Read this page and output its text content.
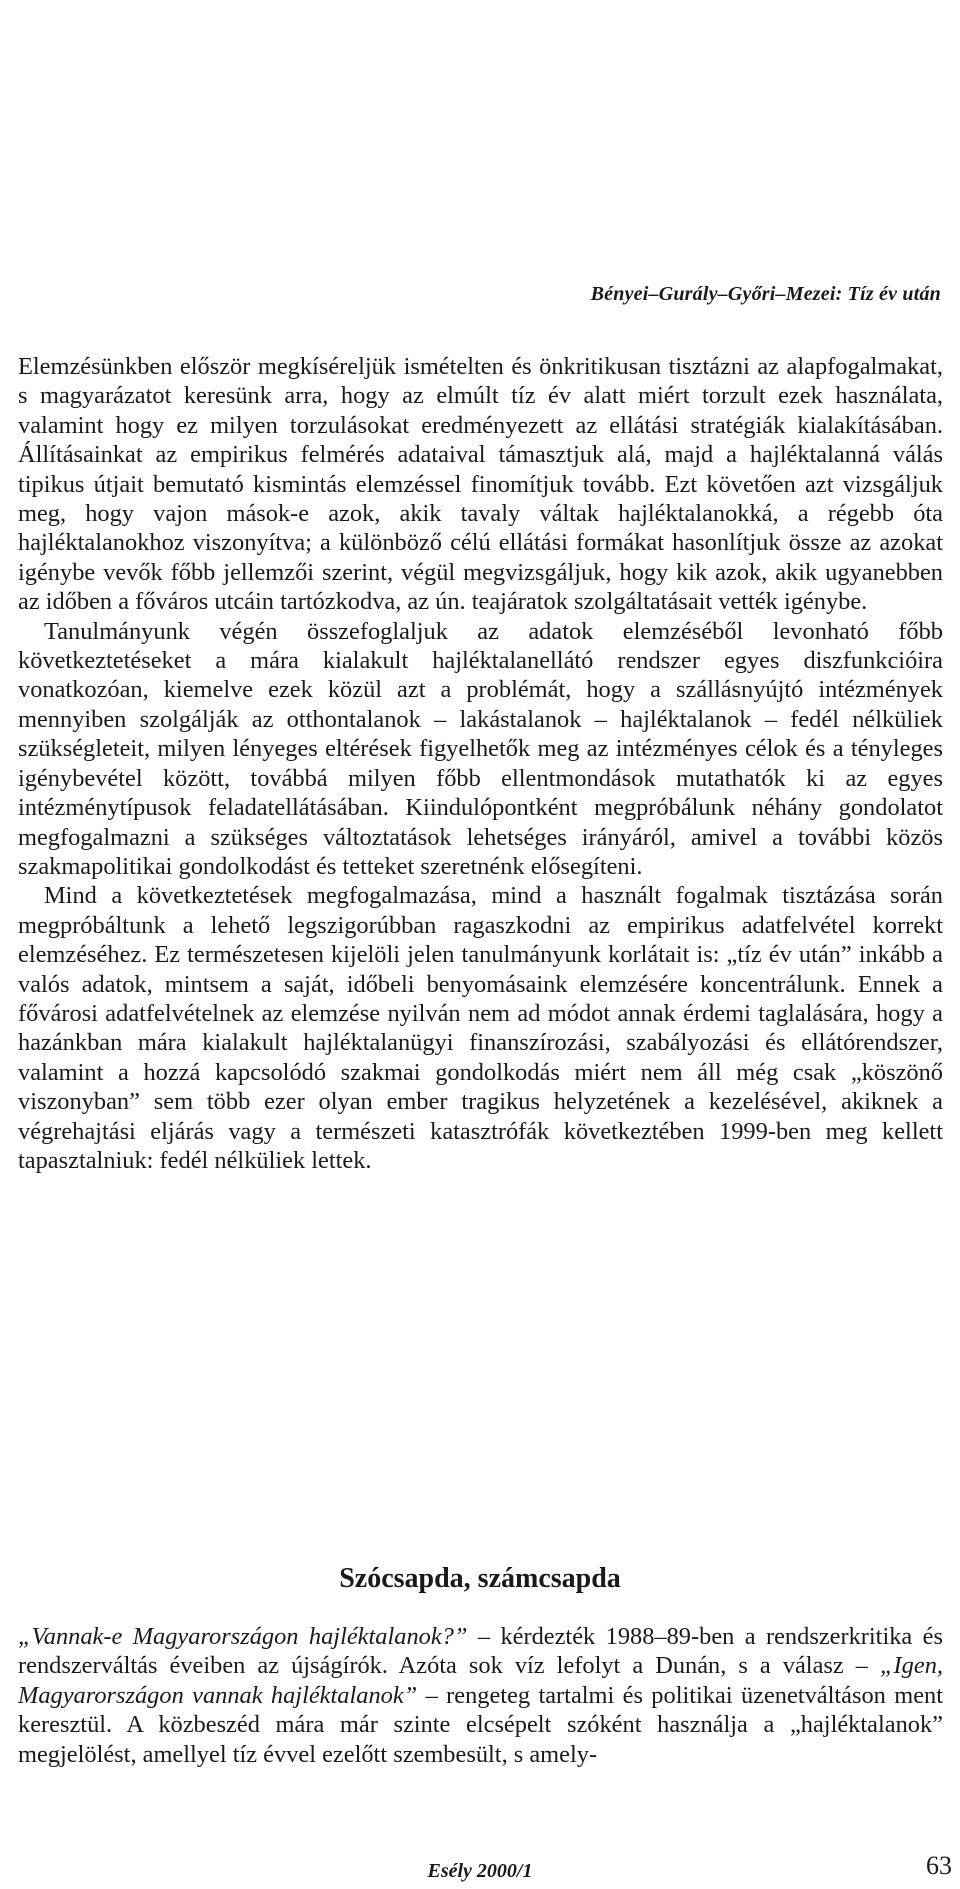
Bényei–Gurály–Győri–Mezei: Tíz év után

Elemzésünkben először megkíséreljük ismételten és önkritikusan tisztázni az alapfogalmakat, s magyarázatot keresünk arra, hogy az elmúlt tíz év alatt miért torzult ezek használata, valamint hogy ez milyen torzulásokat eredményezett az ellátási stratégiák kialakításában. Állításainkat az empirikus felmérés adataival támasztjuk alá, majd a hajléktalanná válás tipikus útjait bemutató kismintás elemzéssel finomítjuk tovább. Ezt követően azt vizsgáljuk meg, hogy vajon mások-e azok, akik tavaly váltak hajléktalanokká, a régebb óta hajléktalanokhoz viszonyítva; a különböző célú ellátási formákat hasonlítjuk össze az azokat igénybe vevők főbb jellemzői szerint, végül megvizsgáljuk, hogy kik azok, akik ugyanebben az időben a főváros utcáin tartózkodva, az ún. teajáratok szolgáltatásait vették igénybe.

Tanulmányunk végén összefoglaljuk az adatok elemzéséből levonható főbb következtetéseket a mára kialakult hajléktalanellátó rendszer egyes diszfunkcióira vonatkozóan, kiemelve ezek közül azt a problémát, hogy a szállásnyújtó intézmények mennyiben szolgálják az otthontalanok – lakástalanok – hajléktalanok – fedél nélküliek szükségleteit, milyen lényeges eltérések figyelhetők meg az intézményes célok és a tényleges igénybevétel között, továbbá milyen főbb ellentmondások mutathatók ki az egyes intézménytípusok feladatellátásában. Kiindulópontként megpróbálunk néhány gondolatot megfogalmazni a szükséges változtatások lehetséges irányáról, amivel a további közös szakmapolitikai gondolkodást és tetteket szeretnénk elősegíteni.

Mind a következtetések megfogalmazása, mind a használt fogalmak tisztázása során megpróbáltunk a lehető legszigorúbban ragaszkodni az empirikus adatfelvétel korrekt elemzéséhez. Ez természetesen kijelöli jelen tanulmányunk korlátait is: „tíz év után” inkább a valós adatok, mintsem a saját, időbeli benyomásaink elemzésére koncentrálunk. Ennek a fővárosi adatfelvételnek az elemzése nyilván nem ad módot annak érdemi taglalására, hogy a hazánkban mára kialakult hajléktalanügyi finanszírozási, szabályozási és ellátórendszer, valamint a hozzá kapcsolódó szakmai gondolkodás miért nem áll még csak „köszönő viszonyban” sem több ezer olyan ember tragikus helyzetének a kezelésével, akiknek a végrehajtási eljárás vagy a természeti katasztrófák következtében 1999-ben meg kellett tapasztalniuk: fedél nélküliek lettek.

Szócsapda, számcsapda

„Vannak-e Magyarországon hajléktalanok?” – kérdezték 1988–89-ben a rendszerkritika és rendszerváltás éveiben az újságírók. Azóta sok víz lefolyt a Dunán, s a válasz – „Igen, Magyarországon vannak hajléktalanok” – rengeteg tartalmi és politikai üzenetváltáson ment keresztül. A közbeszéd mára már szinte elcsépelt szóként használja a „hajléktalanok” megjelölést, amellyel tíz évvel ezelőtt szembesült, s amely-

Esély 2000/1	63
